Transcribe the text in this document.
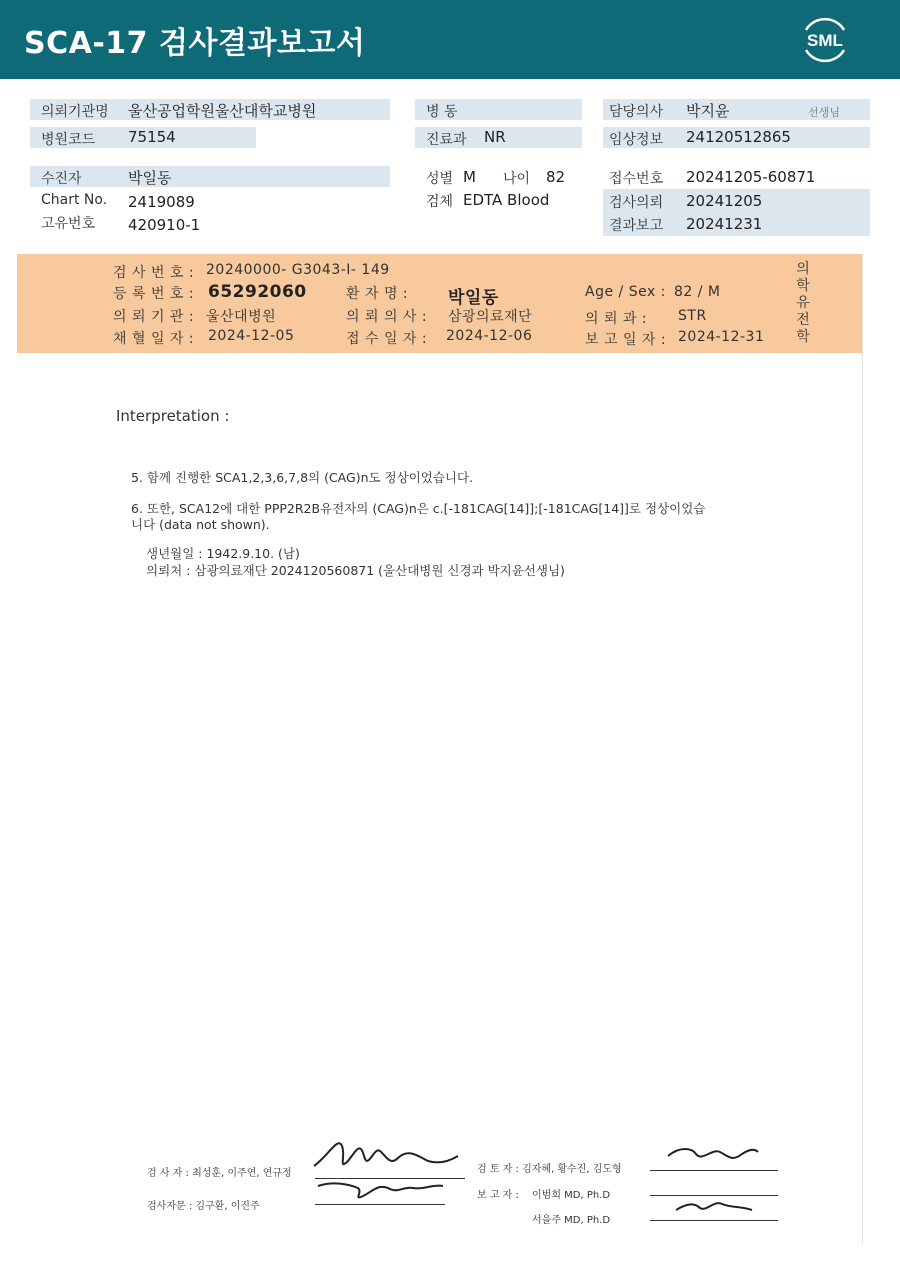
SCA-17 검사결과보고서	SML
의뢰기관명 울산공업학원울산대학교병원
병원코드 75154
병 동
진료과 NR
담당의사 박지윤	선생님
임상정보 24120512865
수진자	박일동
Chart No. 2419089
고유번호 420910-1
성별 M 나이 82
검체 EDTA Blood
접수번호 20241205-60871
검사의뢰 20241205
결과보고 20241231
검 사 번 호 : 20240000- G3043-I- 149
등 록 번 호 : 65292060	환 자 명 : 박일동	Age / Sex : 82 / M
의 뢰 기 관 : 울산대병원	의 뢰 의 사 : 삼광의료재단	의 뢰 과 : STR
채 혈 일 자 : 2024-12-05	접 수 일 자 : 2024-12-06	보 고 일 자 : 2024-12-31
의
학
유
전
학
Interpretation :
5. 함께 진행한 SCA1,2,3,6,7,8의 (CAG)n도 정상이었습니다.
6. 또한, SCA12에 대한 PPP2R2B유전자의 (CAG)n은 c.[-181CAG[14]];[-181CAG[14]]로 정상이었습
니다 (data not shown).
생년월일 : 1942.9.10. (남)
의뢰처 : 삼광의료재단 2024120560871 (울산대병원 신경과 박지윤선생님)
검 사 자 : 최성훈, 이주연, 연규정
검사자문 : 김구환, 이진주
검 토 자 : 김자혜, 황수진, 김도형
보 고 자 : 이범희 MD, Ph.D
서을주 MD, Ph.D
